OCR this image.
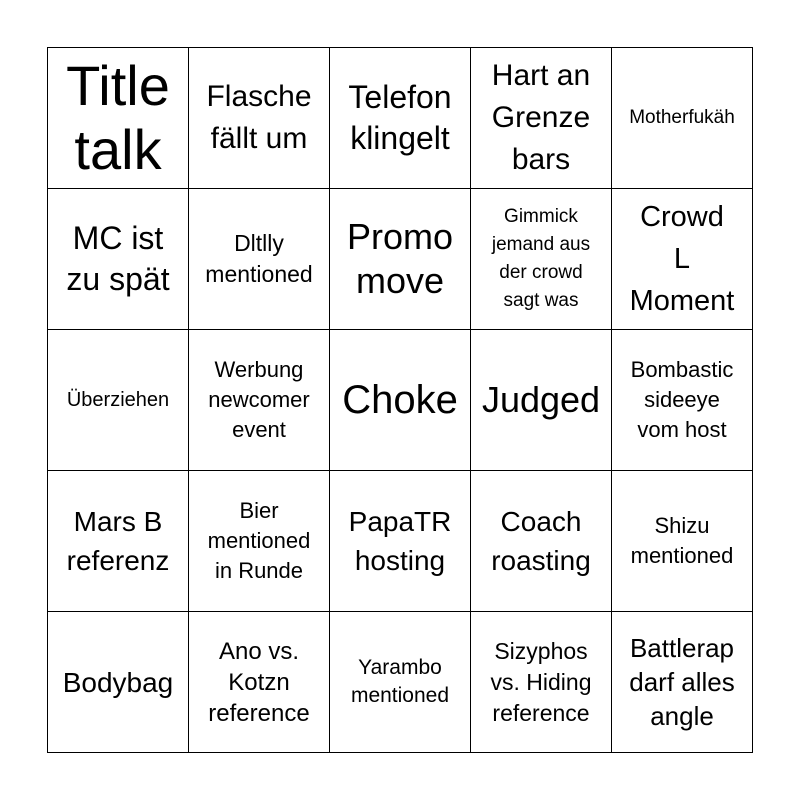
Title
talk
Flasche
fällt um
Telefon
klingelt
Hart an
Grenze
bars
Motherfukäh
MC ist
zu spät
Dltlly
mentioned
Promo
move
Gimmick
jemand aus
der crowd
sagt was
Crowd
L
Moment
Überziehen
Werbung
newcomer
event
Choke Judged
Bombastic
sideeye
vom host
Mars B
referenz
Bier
mentioned
in Runde
PapaTR
hosting
Coach
roasting
Shizu
mentioned
Bodybag
Ano vs.
Kotzn
reference
Yarambo
mentioned
Sizyphos
vs. Hiding
reference
Battlerap
darf alles
angle
